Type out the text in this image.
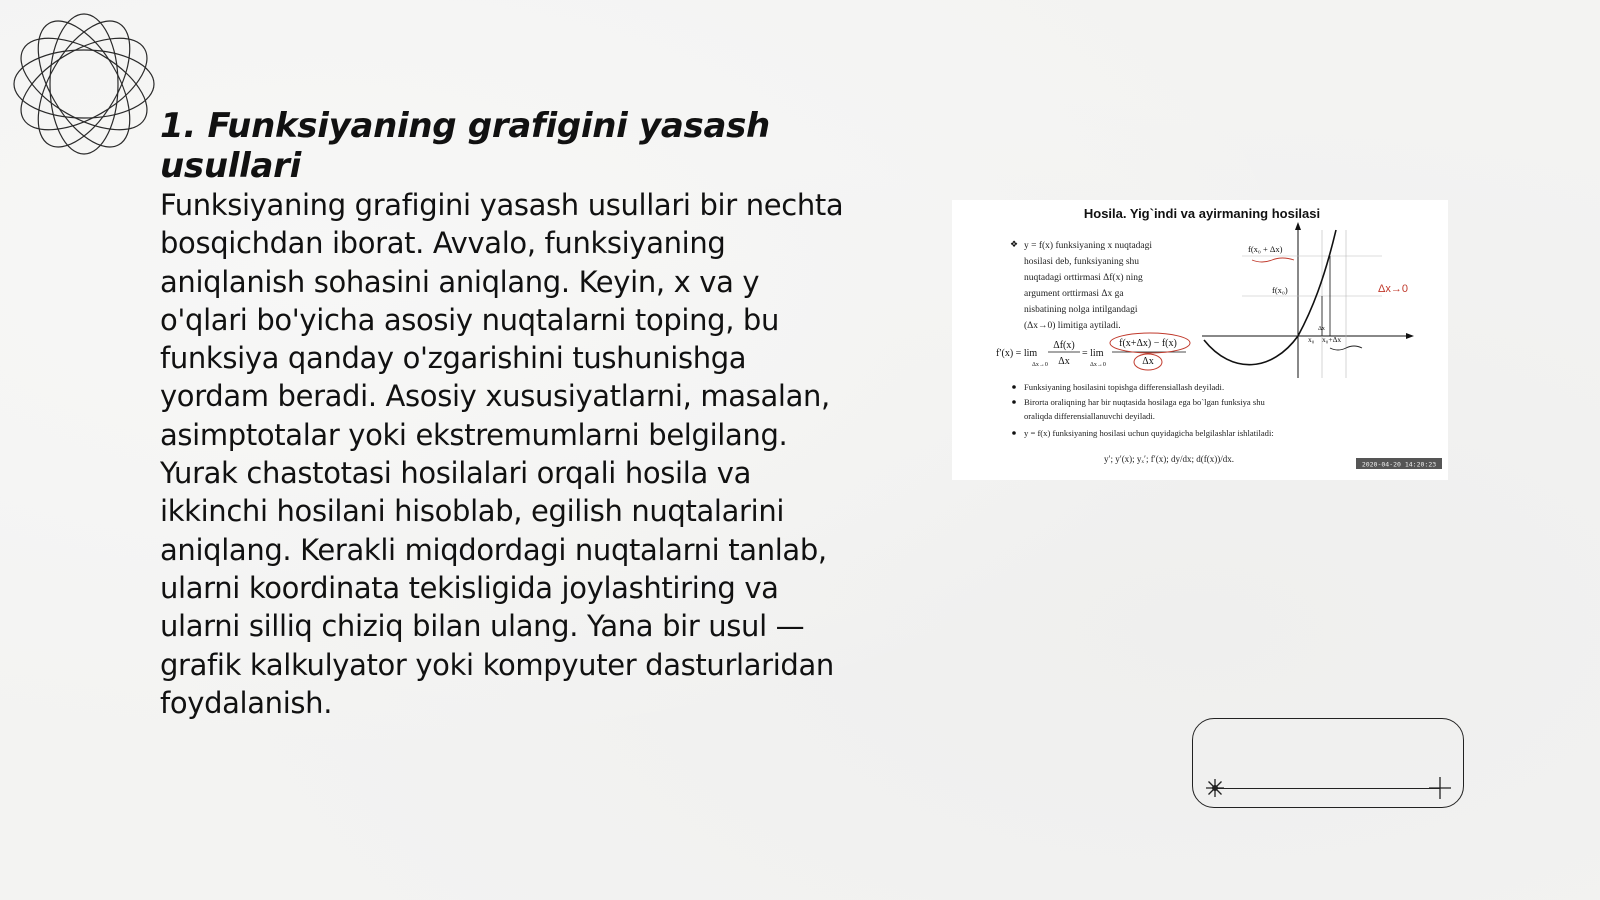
1. Funksiyaning grafigini yasash usullari

Funksiyaning grafigini yasash usullari bir nechta bosqichdan iborat. Avvalo, funksiyaning aniqlanish sohasini aniqlang. Keyin, x va y o'qlari bo'yicha asosiy nuqtalarni toping, bu funksiya qanday o'zgarishini tushunishga yordam beradi. Asosiy xususiyatlarni, masalan, asimptotalar yoki ekstremumlarni belgilang. Yurak chastotasi hosilalari orqali hosila va ikkinchi hosilani hisoblab, egilish nuqtalarini aniqlang. Kerakli miqdordagi nuqtalarni tanlab, ularni koordinata tekisligida joylashtiring va ularni silliq chiziq bilan ulang. Yana bir usul — grafik kalkulyator yoki kompyuter dasturlaridan foydalanish.

Hosila. Yig`indi va ayirmaning hosilasi
❖ y = f(x) funksiyaning x nuqtadagi
hosilasi deb, funksiyaning shu
nuqtadagi orttirmasi Δf(x) ning
argument orttirmasi Δx ga
nisbatining nolga intilgandagi
(Δx→0) limitiga aytiladi.
f′(x) = lim
Δx→0
Δf(x)
Δx
= lim
Δx→0
f(x+Δx) − f(x)
Δx
f(x₀ + Δx)
f(x₀)
x₀ x₀+Δx
Δx
Δx→0
Funksiyaning hosilasini topishga differensiallash deyiladi.
Birorta oraliqning har bir nuqtasida hosilaga ega bo`lgan funksiya shu
oraliqda differensiallanuvchi deyiladi.
y = f(x) funksiyaning hosilasi uchun quyidagicha belgilashlar ishlatiladi:
y′; y′(x); yₓ′; f′(x); dy/dx; d(f(x))/dx.
2020-04-20 14:20:23
